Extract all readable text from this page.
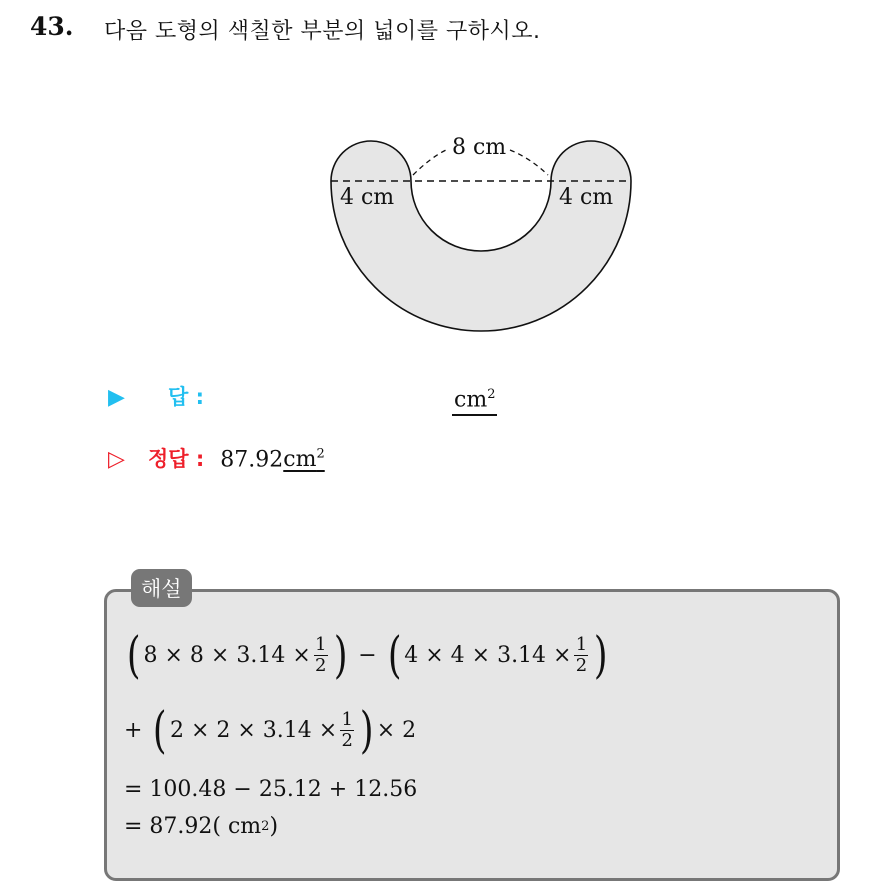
43. 다음 도형의 색칠한 부분의 넓이를 구하시오.
8 cm
4 cm	4 cm
▶	답 :	$cm^2$
▷	정답 : $87.92cm^2$
해설
( $8 \times 8 \times 3.14 \times \frac{1}{2}$ ) − ( $4 \times 4 \times 3.14 \times \frac{1}{2}$ )
+ ( $2 \times 2 \times 3.14 \times \frac{1}{2}$ ) × 2
= 100.48 − 25.12 + 12.56
= 87.92( cm 2 )
